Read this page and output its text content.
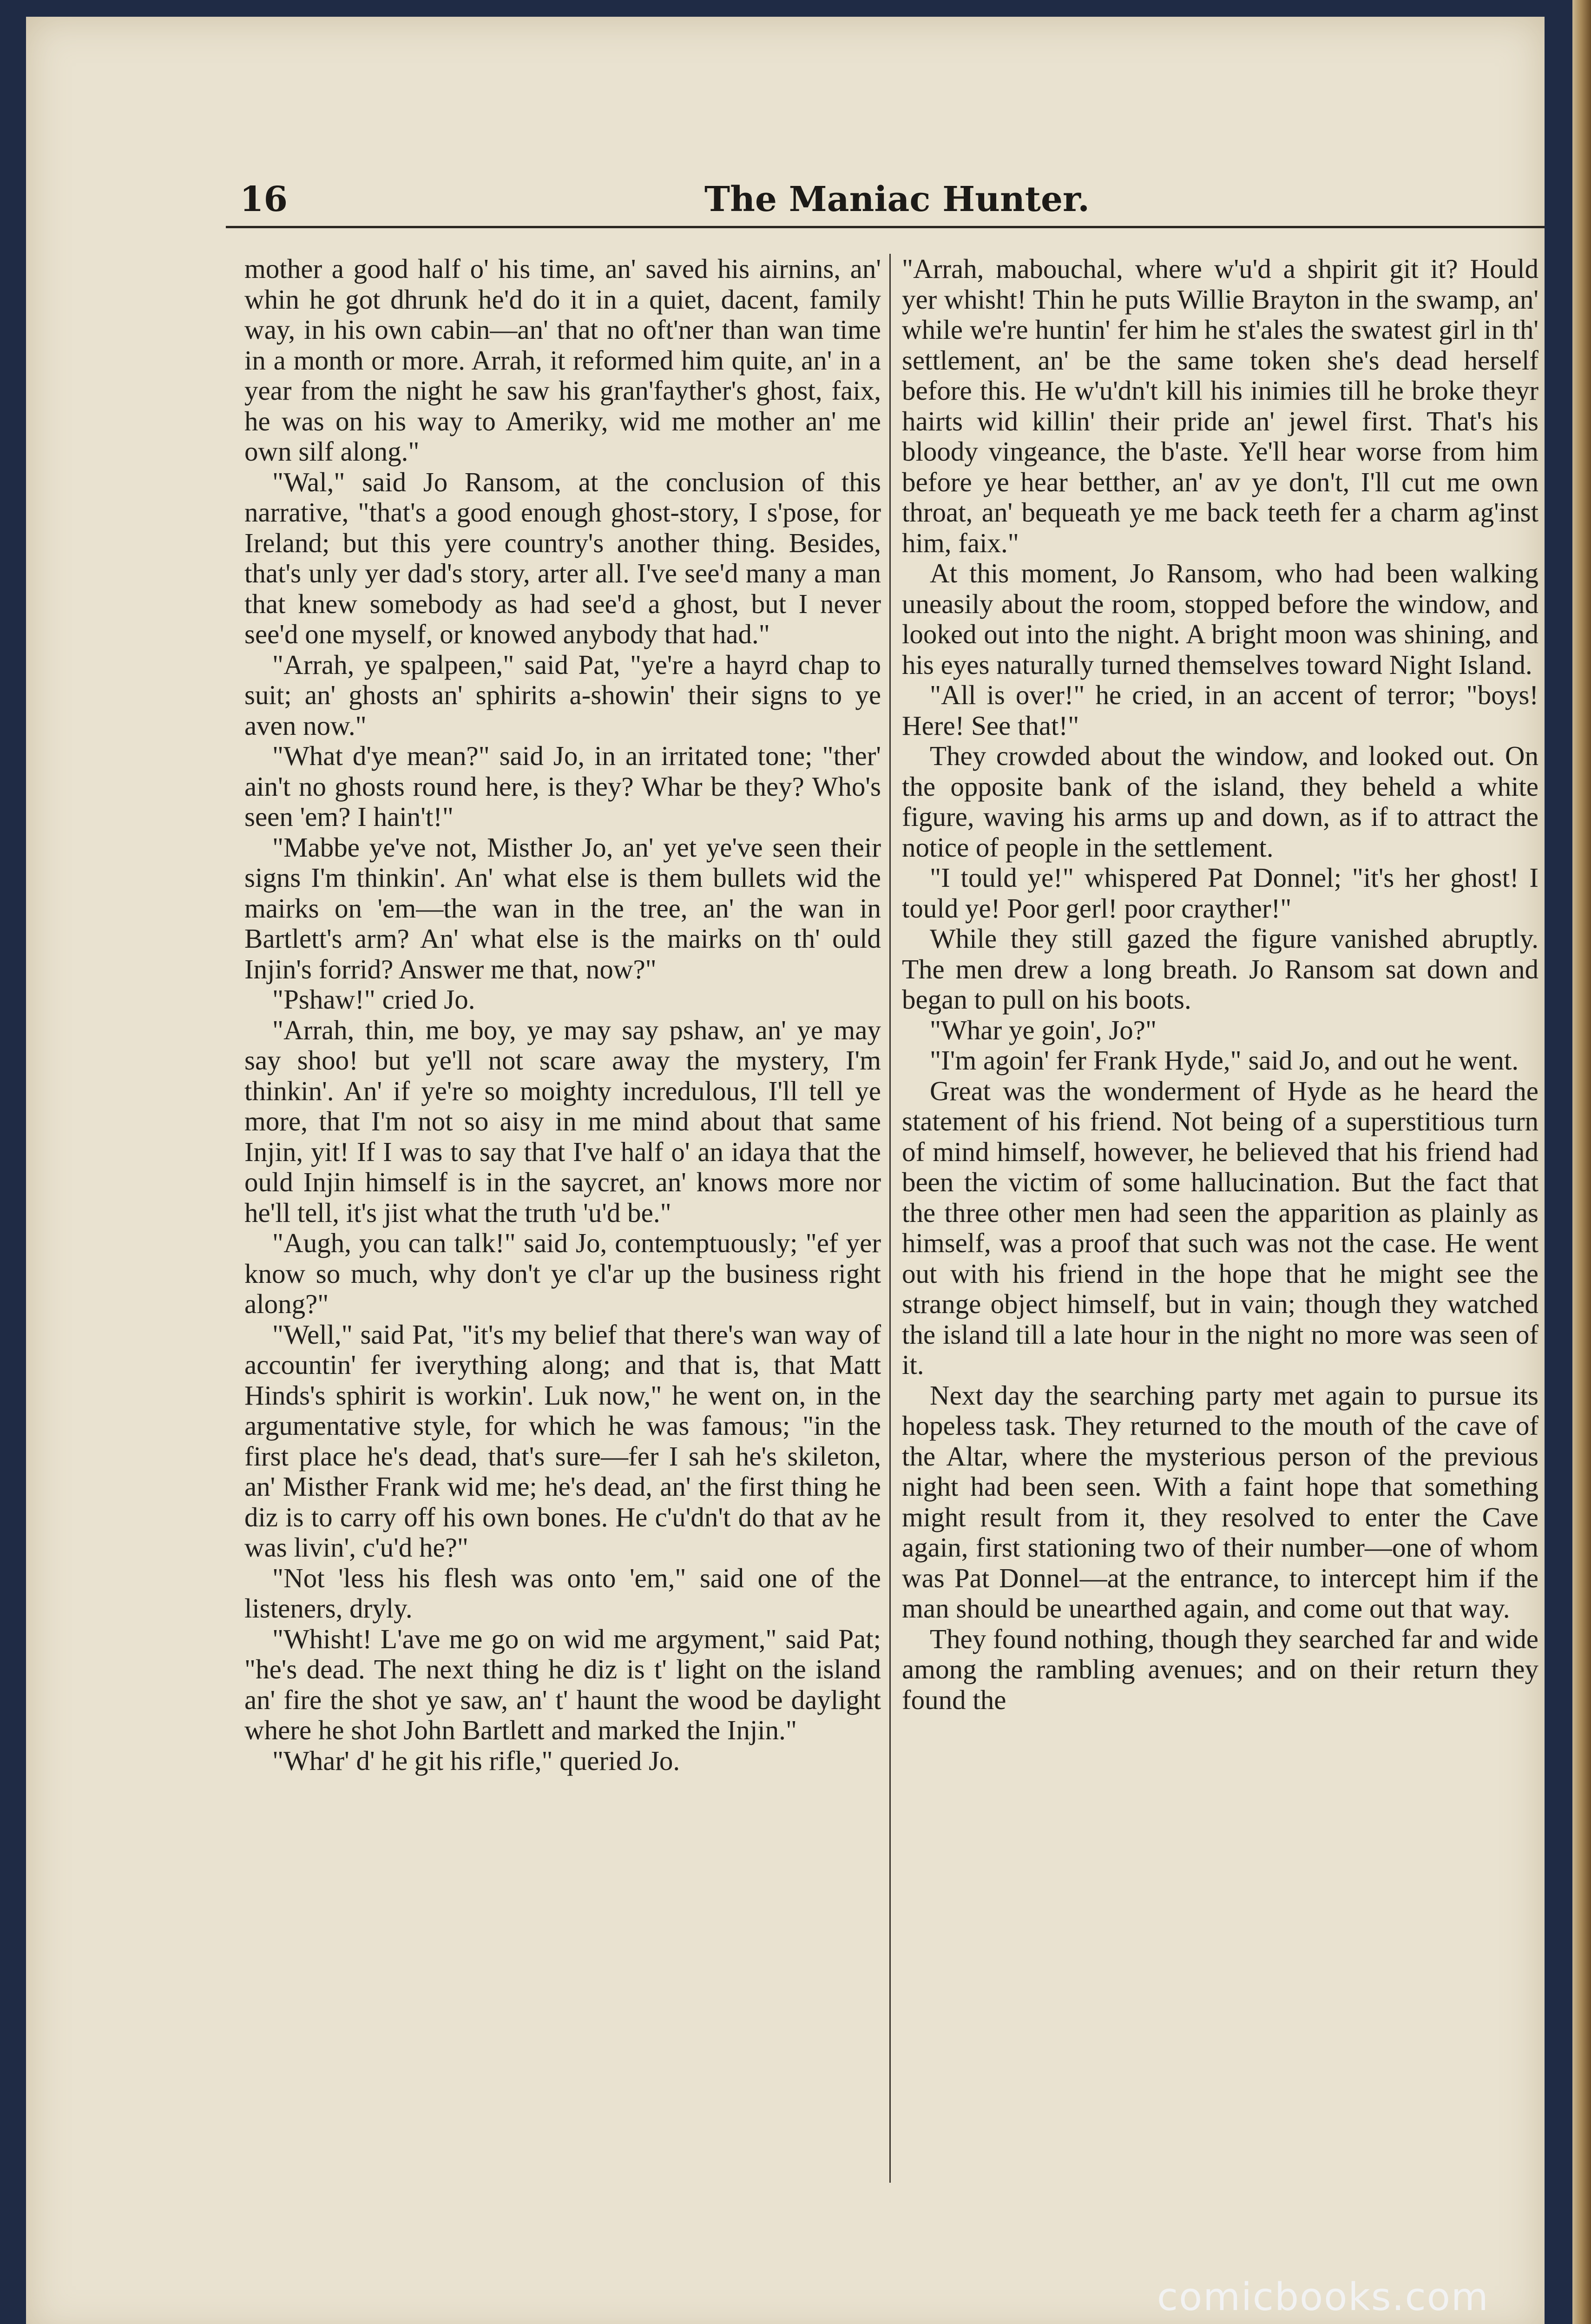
16	The Maniac Hunter.

mother a good half o' his time, an' saved his airnins, an' whin he got dhrunk he'd do it in a quiet, dacent, family way, in his own cabin—an' that no oft'ner than wan time in a month or more. Arrah, it reformed him quite, an' in a year from the night he saw his gran'fayther's ghost, faix, he was on his way to Ameriky, wid me mother an' me own silf along."

"Wal," said Jo Ransom, at the conclusion of this narrative, "that's a good enough ghost-story, I s'pose, for Ireland; but this yere country's another thing. Besides, that's unly yer dad's story, arter all. I've see'd many a man that knew somebody as had see'd a ghost, but I never see'd one myself, or knowed anybody that had."

"Arrah, ye spalpeen," said Pat, "ye're a hayrd chap to suit; an' ghosts an' sphirits a-showin' their signs to ye aven now."

"What d'ye mean?" said Jo, in an irritated tone; "ther' ain't no ghosts round here, is they? Whar be they? Who's seen 'em? I hain't!"

"Mabbe ye've not, Misther Jo, an' yet ye've seen their signs I'm thinkin'. An' what else is them bullets wid the mairks on 'em—the wan in the tree, an' the wan in Bartlett's arm? An' what else is the mairks on th' ould Injin's forrid? Answer me that, now?"

"Pshaw!" cried Jo.

"Arrah, thin, me boy, ye may say pshaw, an' ye may say shoo! but ye'll not scare away the mystery, I'm thinkin'. An' if ye're so moighty incredulous, I'll tell ye more, that I'm not so aisy in me mind about that same Injin, yit! If I was to say that I've half o' an idaya that the ould Injin himself is in the saycret, an' knows more nor he'll tell, it's jist what the truth 'u'd be."

"Augh, you can talk!" said Jo, contemptuously; "ef yer know so much, why don't ye cl'ar up the business right along?"

"Well," said Pat, "it's my belief that there's wan way of accountin' fer iverything along; and that is, that Matt Hinds's sphirit is workin'. Luk now," he went on, in the argumentative style, for which he was famous; "in the first place he's dead, that's sure—fer I sah he's skileton, an' Misther Frank wid me; he's dead, an' the first thing he diz is to carry off his own bones. He c'u'dn't do that av he was livin', c'u'd he?"

"Not 'less his flesh was onto 'em," said one of the listeners, dryly.

"Whisht! L'ave me go on wid me argyment," said Pat; "he's dead. The next thing he diz is t' light on the island an' fire the shot ye saw, an' t' haunt the wood be daylight where he shot John Bartlett and marked the Injin."

"Whar' d' he git his rifle," queried Jo.

"Arrah, mabouchal, where w'u'd a shpirit git it? Hould yer whisht! Thin he puts Willie Brayton in the swamp, an' while we're huntin' fer him he st'ales the swatest girl in th' settlement, an' be the same token she's dead herself before this. He w'u'dn't kill his inimies till he broke theyr hairts wid killin' their pride an' jewel first. That's his bloody vingeance, the b'aste. Ye'll hear worse from him before ye hear betther, an' av ye don't, I'll cut me own throat, an' bequeath ye me back teeth fer a charm ag'inst him, faix."

At this moment, Jo Ransom, who had been walking uneasily about the room, stopped before the window, and looked out into the night. A bright moon was shining, and his eyes naturally turned themselves toward Night Island.

"All is over!" he cried, in an accent of terror; "boys! Here! See that!"

They crowded about the window, and looked out. On the opposite bank of the island, they beheld a white figure, waving his arms up and down, as if to attract the notice of people in the settlement.

"I tould ye!" whispered Pat Donnel; "it's her ghost! I tould ye! Poor gerl! poor crayther!"

While they still gazed the figure vanished abruptly. The men drew a long breath. Jo Ransom sat down and began to pull on his boots.

"Whar ye goin', Jo?"

"I'm agoin' fer Frank Hyde," said Jo, and out he went.

Great was the wonderment of Hyde as he heard the statement of his friend. Not being of a superstitious turn of mind himself, however, he believed that his friend had been the victim of some hallucination. But the fact that the three other men had seen the apparition as plainly as himself, was a proof that such was not the case. He went out with his friend in the hope that he might see the strange object himself, but in vain; though they watched the island till a late hour in the night no more was seen of it.

Next day the searching party met again to pursue its hopeless task. They returned to the mouth of the cave of the Altar, where the mysterious person of the previous night had been seen. With a faint hope that something might result from it, they resolved to enter the Cave again, first stationing two of their number—one of whom was Pat Donnel—at the entrance, to intercept him if the man should be unearthed again, and come out that way.

They found nothing, though they searched far and wide among the rambling avenues; and on their return they found the

comicbooks.com
